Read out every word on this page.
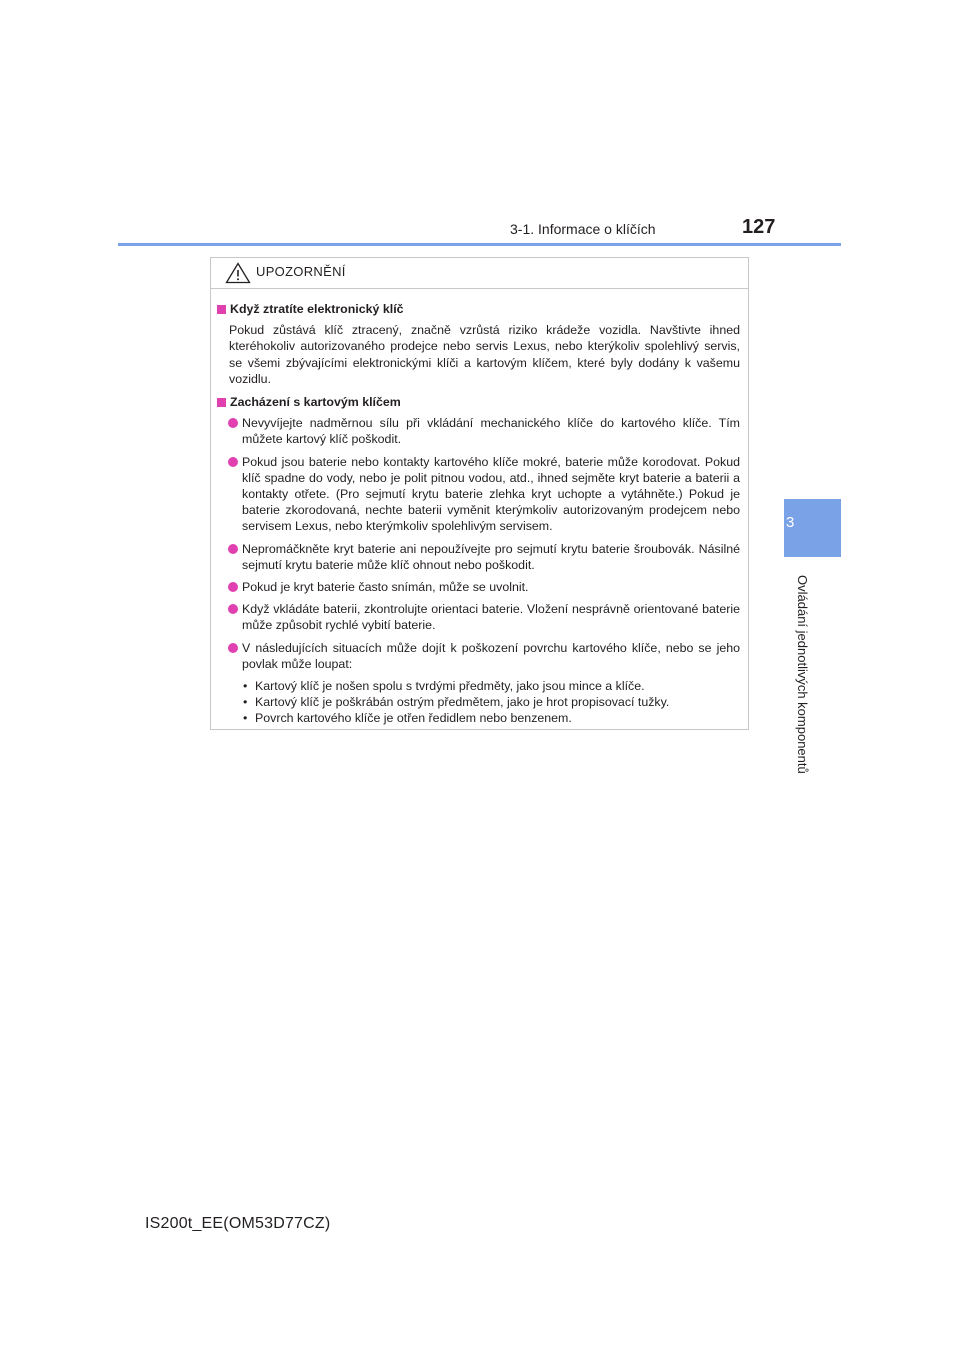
3-1. Informace o klíčích	127
3
Ovládání jednotlivých komponentů
UPOZORNĚNÍ
Když ztratíte elektronický klíč
Pokud zůstává klíč ztracený, značně vzrůstá riziko krádeže vozidla. Navštivte ihned kteréhokoliv autorizovaného prodejce nebo servis Lexus, nebo kterýkoliv spolehlivý servis, se všemi zbývajícími elektronickými klíči a kartovým klíčem, které byly dodány k vašemu vozidlu.
Zacházení s kartovým klíčem
Nevyvíjejte nadměrnou sílu při vkládání mechanického klíče do kartového klíče. Tím můžete kartový klíč poškodit.
Pokud jsou baterie nebo kontakty kartového klíče mokré, baterie může korodovat. Pokud klíč spadne do vody, nebo je polit pitnou vodou, atd., ihned sejměte kryt baterie a baterii a kontakty otřete. (Pro sejmutí krytu baterie zlehka kryt uchopte a vytáhněte.) Pokud je baterie zkorodovaná, nechte baterii vyměnit kterýmkoliv autorizovaným prodejcem nebo servisem Lexus, nebo kterýmkoliv spolehlivým servisem.
Nepromáčkněte kryt baterie ani nepoužívejte pro sejmutí krytu baterie šroubovák. Násilné sejmutí krytu baterie může klíč ohnout nebo poškodit.
Pokud je kryt baterie často snímán, může se uvolnit.
Když vkládáte baterii, zkontrolujte orientaci baterie. Vložení nesprávně orientované baterie může způsobit rychlé vybití baterie.
V následujících situacích může dojít k poškození povrchu kartového klíče, nebo se jeho povlak může loupat:
• Kartový klíč je nošen spolu s tvrdými předměty, jako jsou mince a klíče.
• Kartový klíč je poškrábán ostrým předmětem, jako je hrot propisovací tužky.
• Povrch kartového klíče je otřen ředidlem nebo benzenem.
IS200t_EE(OM53D77CZ)
